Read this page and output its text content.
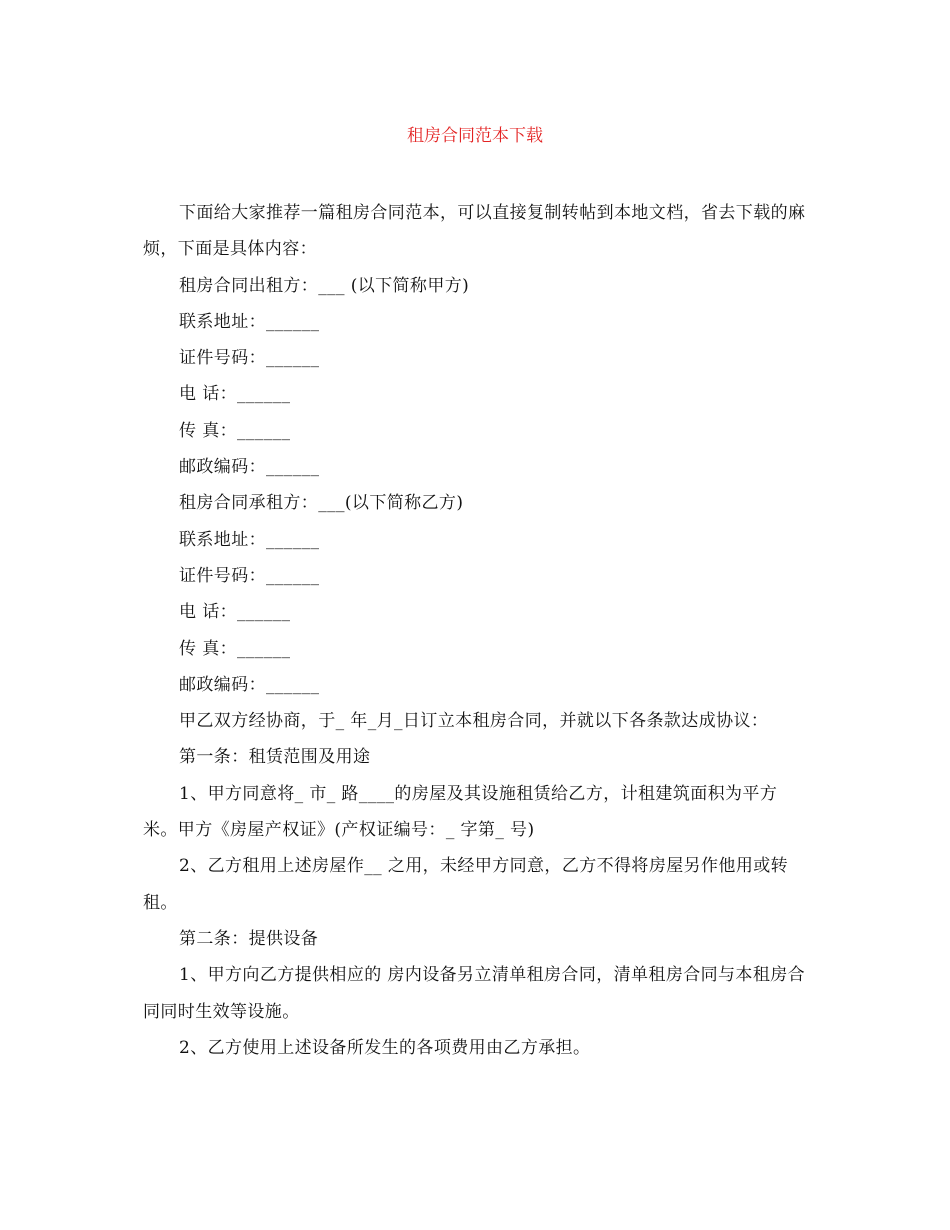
租房合同范本下载

下面给大家推荐一篇租房合同范本，可以直接复制转帖到本地文档，省去下载的麻烦，下面是具体内容：

租房合同出租方：___ (以下简称甲方)

联系地址：______

证件号码：______

电 话：______

传 真：______

邮政编码：______

租房合同承租方：___(以下简称乙方)

联系地址：______

证件号码：______

电 话：______

传 真：______

邮政编码：______

甲乙双方经协商，于_ 年_月_日订立本租房合同，并就以下各条款达成协议：

第一条：租赁范围及用途

1、甲方同意将_ 市_ 路____的房屋及其设施租赁给乙方，计租建筑面积为平方米。甲方《房屋产权证》(产权证编号：_ 字第_ 号)

2、乙方租用上述房屋作__ 之用，未经甲方同意，乙方不得将房屋另作他用或转租。

第二条：提供设备

1、甲方向乙方提供相应的 房内设备另立清单租房合同，清单租房合同与本租房合同同时生效等设施。

2、乙方使用上述设备所发生的各项费用由乙方承担。
